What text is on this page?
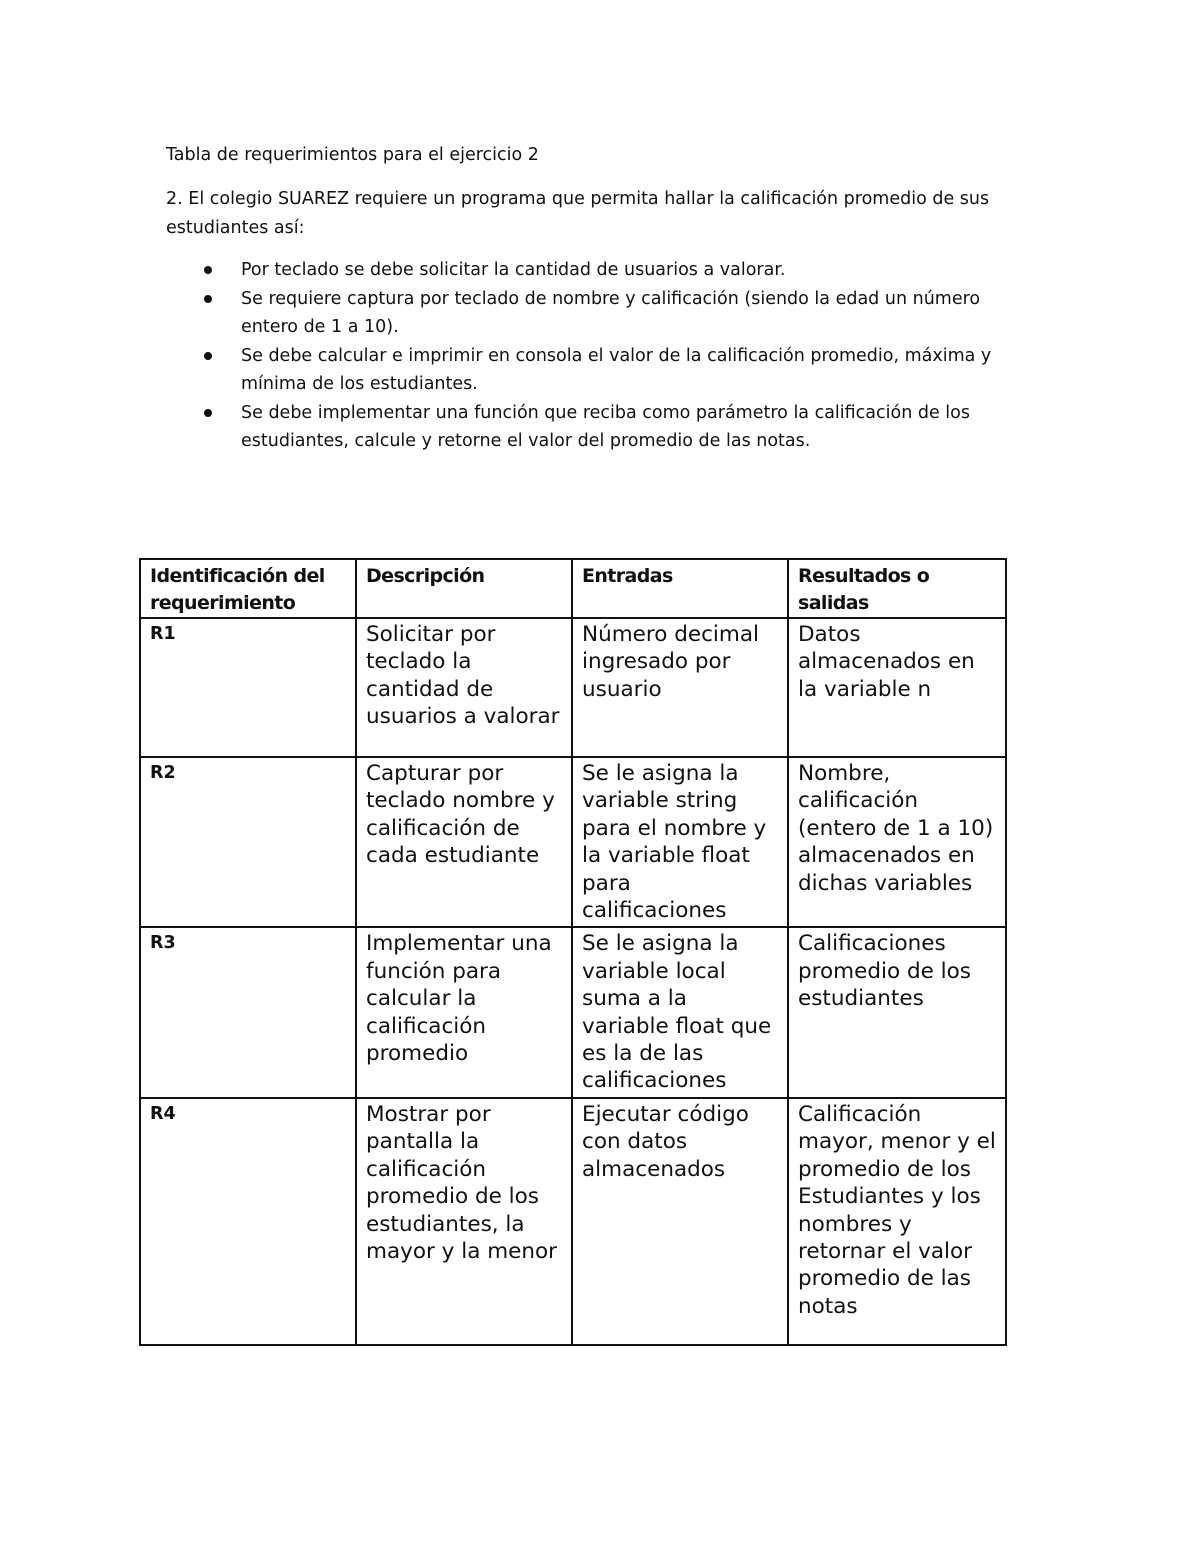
Tabla de requerimientos para el ejercicio 2

2. El colegio SUAREZ requiere un programa que permita hallar la calificación promedio de sus estudiantes así:

Por teclado se debe solicitar la cantidad de usuarios a valorar.
Se requiere captura por teclado de nombre y calificación (siendo la edad un número entero de 1 a 10).
Se debe calcular e imprimir en consola el valor de la calificación promedio, máxima y mínima de los estudiantes.
Se debe implementar una función que reciba como parámetro la calificación de los estudiantes, calcule y retorne el valor del promedio de las notas.
Identificación del requerimiento	Descripción	Entradas	Resultados o salidas
R1	Solicitar por teclado la cantidad de usuarios a valorar	Número decimal ingresado por usuario	Datos almacenados en la variable n
R2	Capturar por teclado nombre y calificación de cada estudiante	Se le asigna la variable string para el nombre y la variable float para calificaciones	Nombre, calificación (entero de 1 a 10) almacenados en dichas variables
R3	Implementar una función para calcular la calificación promedio	Se le asigna la variable local suma a la variable float que es la de las calificaciones	Calificaciones promedio de los estudiantes
R4	Mostrar por pantalla la calificación promedio de los estudiantes, la mayor y la menor	Ejecutar código con datos almacenados	Calificación mayor, menor y el promedio de los Estudiantes y los nombres y retornar el valor promedio de las notas
